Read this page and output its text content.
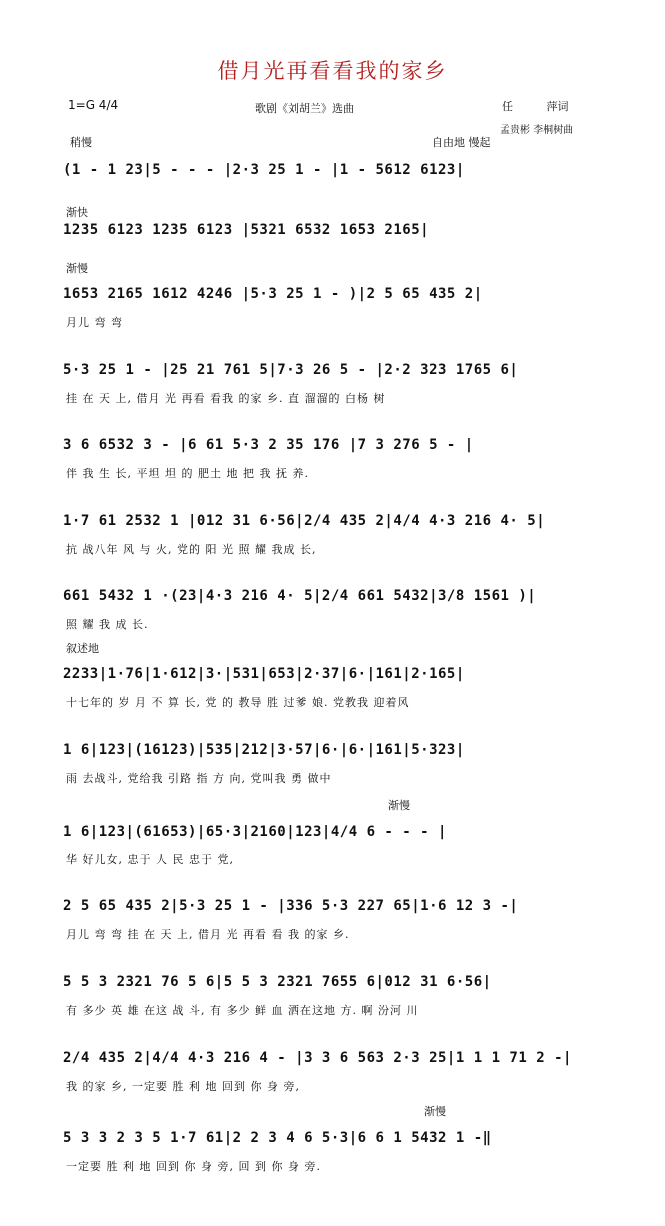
借月光再看看我的家乡
1=G 4/4	歌剧《刘胡兰》选曲	任 萍词
孟贵彬 李桐树曲
稍慢	自由地 慢起
渐快
渐慢
叙述地
渐慢
渐慢
(1 - 1 23|5 - - - |2·3 25 1 - |1 - 5612 6123|
1235 6123 1235 6123 |5321 6532 1653 2165|
1653 2165 1612 4246 |5·3 25 1 - )|2 5 65 435 2|
月儿 弯 弯
5·3 25 1 - |25 21 761 5|7·3 26 5 - |2·2 323 1765 6|
挂 在 天 上, 借月 光 再看 看我 的家 乡. 直 溜溜的 白杨 树
3 6 6532 3 - |6 61 5·3 2 35 176 |7 3 276 5 - |
伴 我 生 长, 平坦 坦 的 肥土 地 把 我 抚 养.
1·7 61 2532 1 |012 31 6·56|2/4 435 2|4/4 4·3 216 4· 5|
抗 战八年 风 与 火, 党的 阳 光 照 耀 我成 长,
661 5432 1 ·(23|4·3 216 4· 5|2/4 661 5432|3/8 1561 )|
照 耀 我 成 长.
2233|1·76|1·612|3·|531|653|2·37|6·|161|2·165|
十七年的 岁 月 不 算 长, 党 的 教导 胜 过爹 娘. 党教我 迎着风
1 6|123|(16123)|535|212|3·57|6·|6·|161|5·323|
雨 去战斗, 党给我 引路 指 方 向, 党叫我 勇 做中
1 6|123|(61653)|65·3|2160|123|4/4 6 - - - |
华 好儿女, 忠于 人 民 忠于 党,
2 5 65 435 2|5·3 25 1 - |336 5·3 227 65|1·6 12 3 -|
月儿 弯 弯 挂 在 天 上, 借月 光 再看 看 我 的家 乡.
5 5 3 2321 76 5 6|5 5 3 2321 7655 6|012 31 6·56|
有 多少 英 雄 在这 战 斗, 有 多少 鲜 血 洒在这地 方. 啊 汾河 川
2/4 435 2|4/4 4·3 216 4 - |3 3 6 563 2·3 25|1 1 1 71 2 -|
我 的家 乡, 一定要 胜 利 地 回到 你 身 旁,
5 3 3 2 3 5 1·7 61|2 2 3 4 6 5·3|6 6 1 5432 1 -‖
一定要 胜 利 地 回到 你 身 旁, 回 到 你 身 旁.
